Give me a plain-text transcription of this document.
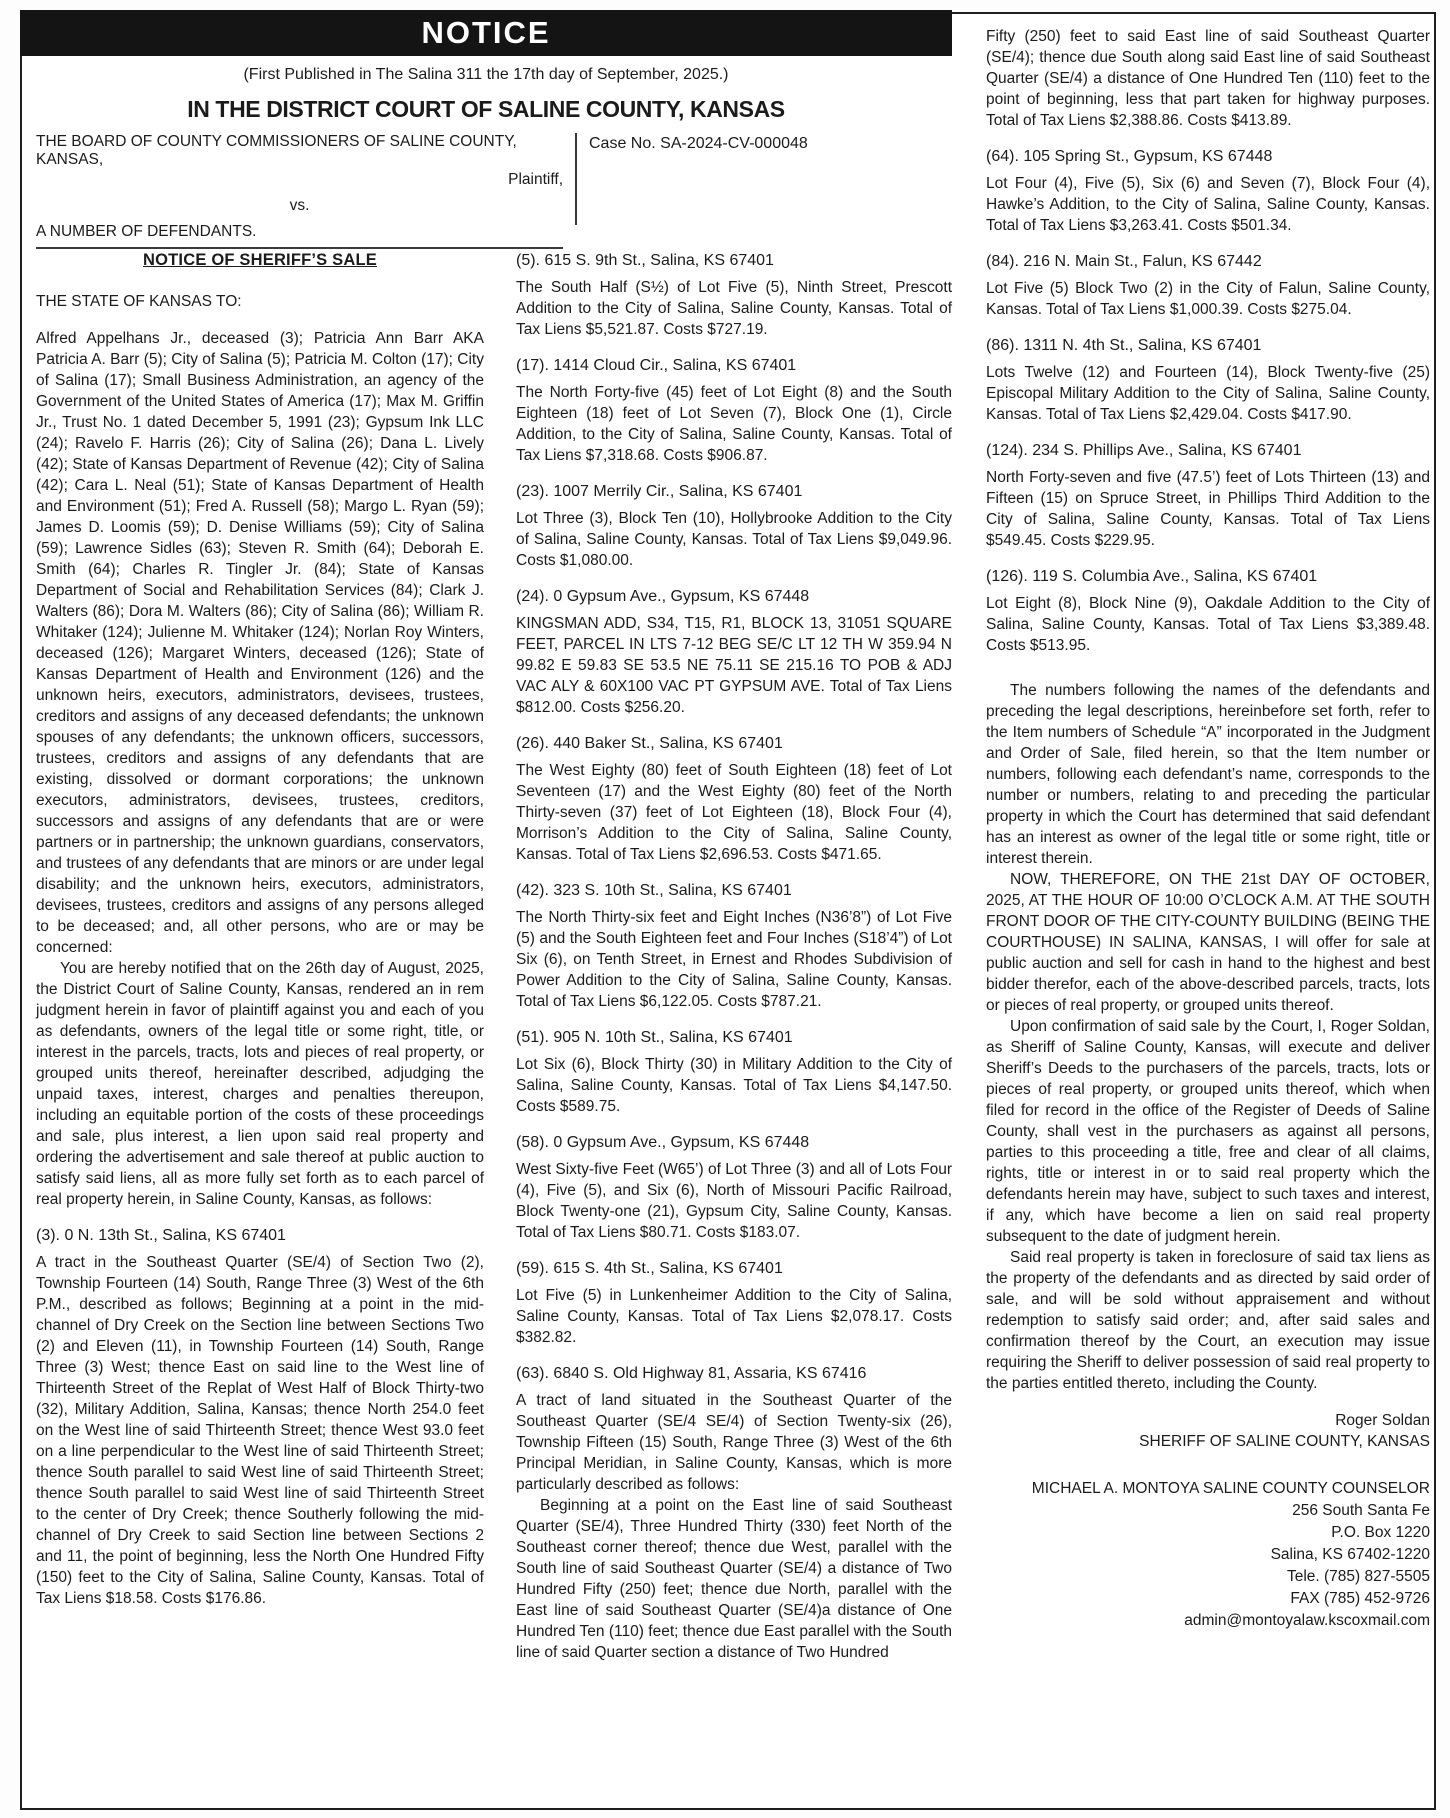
NOTICE
(First Published in The Salina 311 the 17th day of September, 2025.)
IN THE DISTRICT COURT OF SALINE COUNTY, KANSAS
THE BOARD OF COUNTY COMMISSIONERS OF SALINE COUNTY, KANSAS,
Plaintiff,
vs.
A NUMBER OF DEFENDANTS.
Case No. SA-2024-CV-000048
NOTICE OF SHERIFF’S SALE
THE STATE OF KANSAS TO:

Alfred Appelhans Jr., deceased (3); Patricia Ann Barr AKA Patricia A. Barr (5); City of Salina (5); Patricia M. Colton (17); City of Salina (17); Small Business Administration, an agency of the Government of the United States of America (17); Max M. Griffin Jr., Trust No. 1 dated December 5, 1991 (23); Gypsum Ink LLC (24); Ravelo F. Harris (26); City of Salina (26); Dana L. Lively (42); State of Kansas Department of Revenue (42); City of Salina (42); Cara L. Neal (51); State of Kansas Department of Health and Environment (51); Fred A. Russell (58); Margo L. Ryan (59); James D. Loomis (59); D. Denise Williams (59); City of Salina (59); Lawrence Sidles (63); Steven R. Smith (64); Deborah E. Smith (64); Charles R. Tingler Jr. (84); State of Kansas Department of Social and Rehabilitation Services (84); Clark J. Walters (86); Dora M. Walters (86); City of Salina (86); William R. Whitaker (124); Julienne M. Whitaker (124); Norlan Roy Winters, deceased (126); Margaret Winters, deceased (126); State of Kansas Department of Health and Environment (126) and the unknown heirs, executors, administrators, devisees, trustees, creditors and assigns of any deceased defendants; the unknown spouses of any defendants; the unknown officers, successors, trustees, creditors and assigns of any defendants that are existing, dissolved or dormant corporations; the unknown executors, administrators, devisees, trustees, creditors, successors and assigns of any defendants that are or were partners or in partnership; the unknown guardians, conservators, and trustees of any defendants that are minors or are under legal disability; and the unknown heirs, executors, administrators, devisees, trustees, creditors and assigns of any persons alleged to be deceased; and, all other persons, who are or may be concerned:

You are hereby notified that on the 26th day of August, 2025, the District Court of Saline County, Kansas, rendered an in rem judgment herein in favor of plaintiff against you and each of you as defendants, owners of the legal title or some right, title, or interest in the parcels, tracts, lots and pieces of real property, or grouped units thereof, hereinafter described, adjudging the unpaid taxes, interest, charges and penalties thereupon, including an equitable portion of the costs of these proceedings and sale, plus interest, a lien upon said real property and ordering the advertisement and sale thereof at public auction to satisfy said liens, all as more fully set forth as to each parcel of real property herein, in Saline County, Kansas, as follows:

(3). 0 N. 13th St., Salina, KS 67401

A tract in the Southeast Quarter (SE/4) of Section Two (2), Township Fourteen (14) South, Range Three (3) West of the 6th P.M., described as follows; Beginning at a point in the mid-channel of Dry Creek on the Section line between Sections Two (2) and Eleven (11), in Township Fourteen (14) South, Range Three (3) West; thence East on said line to the West line of Thirteenth Street of the Replat of West Half of Block Thirty-two (32), Military Addition, Salina, Kansas; thence North 254.0 feet on the West line of said Thirteenth Street; thence West 93.0 feet on a line perpendicular to the West line of said Thirteenth Street; thence South parallel to said West line of said Thirteenth Street; thence South parallel to said West line of said Thirteenth Street to the center of Dry Creek; thence Southerly following the mid-channel of Dry Creek to said Section line between Sections 2 and 11, the point of beginning, less the North One Hundred Fifty (150) feet to the City of Salina, Saline County, Kansas. Total of Tax Liens $18.58. Costs $176.86.

(5). 615 S. 9th St., Salina, KS 67401

The South Half (S½) of Lot Five (5), Ninth Street, Prescott Addition to the City of Salina, Saline County, Kansas. Total of Tax Liens $5,521.87. Costs $727.19.

(17). 1414 Cloud Cir., Salina, KS 67401

The North Forty-five (45) feet of Lot Eight (8) and the South Eighteen (18) feet of Lot Seven (7), Block One (1), Circle Addition, to the City of Salina, Saline County, Kansas. Total of Tax Liens $7,318.68. Costs $906.87.

(23). 1007 Merrily Cir., Salina, KS 67401

Lot Three (3), Block Ten (10), Hollybrooke Addition to the City of Salina, Saline County, Kansas. Total of Tax Liens $9,049.96. Costs $1,080.00.

(24). 0 Gypsum Ave., Gypsum, KS 67448

KINGSMAN ADD, S34, T15, R1, BLOCK 13, 31051 SQUARE FEET, PARCEL IN LTS 7-12 BEG SE/C LT 12 TH W 359.94 N 99.82 E 59.83 SE 53.5 NE 75.11 SE 215.16 TO POB & ADJ VAC ALY & 60X100 VAC PT GYPSUM AVE. Total of Tax Liens $812.00. Costs $256.20.

(26). 440 Baker St., Salina, KS 67401

The West Eighty (80) feet of South Eighteen (18) feet of Lot Seventeen (17) and the West Eighty (80) feet of the North Thirty-seven (37) feet of Lot Eighteen (18), Block Four (4), Morrison’s Addition to the City of Salina, Saline County, Kansas. Total of Tax Liens $2,696.53. Costs $471.65.

(42). 323 S. 10th St., Salina, KS 67401

The North Thirty-six feet and Eight Inches (N36’8”) of Lot Five (5) and the South Eighteen feet and Four Inches (S18’4”) of Lot Six (6), on Tenth Street, in Ernest and Rhodes Subdivision of Power Addition to the City of Salina, Saline County, Kansas. Total of Tax Liens $6,122.05. Costs $787.21.

(51). 905 N. 10th St., Salina, KS 67401

Lot Six (6), Block Thirty (30) in Military Addition to the City of Salina, Saline County, Kansas. Total of Tax Liens $4,147.50. Costs $589.75.

(58). 0 Gypsum Ave., Gypsum, KS 67448

West Sixty-five Feet (W65’) of Lot Three (3) and all of Lots Four (4), Five (5), and Six (6), North of Missouri Pacific Railroad, Block Twenty-one (21), Gypsum City, Saline County, Kansas. Total of Tax Liens $80.71. Costs $183.07.

(59). 615 S. 4th St., Salina, KS 67401

Lot Five (5) in Lunkenheimer Addition to the City of Salina, Saline County, Kansas. Total of Tax Liens $2,078.17. Costs $382.82.

(63). 6840 S. Old Highway 81, Assaria, KS 67416

A tract of land situated in the Southeast Quarter of the Southeast Quarter (SE/4 SE/4) of Section Twenty-six (26), Township Fifteen (15) South, Range Three (3) West of the 6th Principal Meridian, in Saline County, Kansas, which is more particularly described as follows:

Beginning at a point on the East line of said Southeast Quarter (SE/4), Three Hundred Thirty (330) feet North of the Southeast corner thereof; thence due West, parallel with the South line of said Southeast Quarter (SE/4) a distance of Two Hundred Fifty (250) feet; thence due North, parallel with the East line of said Southeast Quarter (SE/4)a distance of One Hundred Ten (110) feet; thence due East parallel with the South line of said Quarter section a distance of Two Hundred

Fifty (250) feet to said East line of said Southeast Quarter (SE/4); thence due South along said East line of said Southeast Quarter (SE/4) a distance of One Hundred Ten (110) feet to the point of beginning, less that part taken for highway purposes. Total of Tax Liens $2,388.86. Costs $413.89.

(64). 105 Spring St., Gypsum, KS 67448

Lot Four (4), Five (5), Six (6) and Seven (7), Block Four (4), Hawke’s Addition, to the City of Salina, Saline County, Kansas. Total of Tax Liens $3,263.41. Costs $501.34.

(84). 216 N. Main St., Falun, KS 67442

Lot Five (5) Block Two (2) in the City of Falun, Saline County, Kansas. Total of Tax Liens $1,000.39. Costs $275.04.

(86). 1311 N. 4th St., Salina, KS 67401

Lots Twelve (12) and Fourteen (14), Block Twenty-five (25) Episcopal Military Addition to the City of Salina, Saline County, Kansas. Total of Tax Liens $2,429.04. Costs $417.90.

(124). 234 S. Phillips Ave., Salina, KS 67401

North Forty-seven and five (47.5’) feet of Lots Thirteen (13) and Fifteen (15) on Spruce Street, in Phillips Third Addition to the City of Salina, Saline County, Kansas. Total of Tax Liens $549.45. Costs $229.95.

(126). 119 S. Columbia Ave., Salina, KS 67401

Lot Eight (8), Block Nine (9), Oakdale Addition to the City of Salina, Saline County, Kansas. Total of Tax Liens $3,389.48. Costs $513.95.

The numbers following the names of the defendants and preceding the legal descriptions, hereinbefore set forth, refer to the Item numbers of Schedule “A” incorporated in the Judgment and Order of Sale, filed herein, so that the Item number or numbers, following each defendant’s name, corresponds to the number or numbers, relating to and preceding the particular property in which the Court has determined that said defendant has an interest as owner of the legal title or some right, title or interest therein.

NOW, THEREFORE, ON THE 21st DAY OF OCTOBER, 2025, AT THE HOUR OF 10:00 O’CLOCK A.M. AT THE SOUTH FRONT DOOR OF THE CITY-COUNTY BUILDING (BEING THE COURTHOUSE) IN SALINA, KANSAS, I will offer for sale at public auction and sell for cash in hand to the highest and best bidder therefor, each of the above-described parcels, tracts, lots or pieces of real property, or grouped units thereof.

Upon confirmation of said sale by the Court, I, Roger Soldan, as Sheriff of Saline County, Kansas, will execute and deliver Sheriff’s Deeds to the purchasers of the parcels, tracts, lots or pieces of real property, or grouped units thereof, which when filed for record in the office of the Register of Deeds of Saline County, shall vest in the purchasers as against all persons, parties to this proceeding a title, free and clear of all claims, rights, title or interest in or to said real property which the defendants herein may have, subject to such taxes and interest, if any, which have become a lien on said real property subsequent to the date of judgment herein.

Said real property is taken in foreclosure of said tax liens as the property of the defendants and as directed by said order of sale, and will be sold without appraisement and without redemption to satisfy said order; and, after said sales and confirmation thereof by the Court, an execution may issue requiring the Sheriff to deliver possession of said real property to the parties entitled thereto, including the County.

Roger Soldan
SHERIFF OF SALINE COUNTY, KANSAS
MICHAEL A. MONTOYA SALINE COUNTY COUNSELOR
256 South Santa Fe
P.O. Box 1220
Salina, KS 67402-1220
Tele. (785) 827-5505
FAX (785) 452-9726
admin@montoyalaw.kscoxmail.com
